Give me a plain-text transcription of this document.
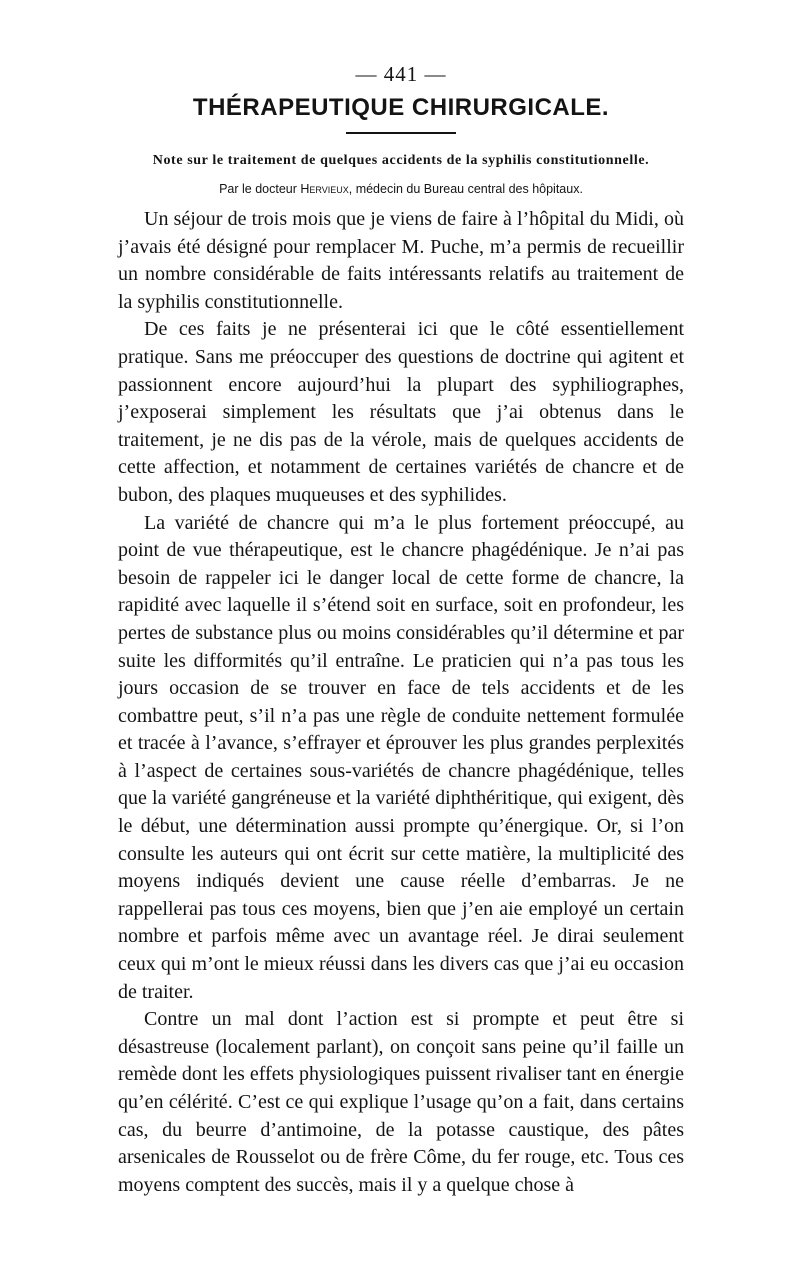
— 441 —
THÉRAPEUTIQUE CHIRURGICALE.
Note sur le traitement de quelques accidents de la syphilis constitutionnelle.
Par le docteur Hervieux, médecin du Bureau central des hôpitaux.

Un séjour de trois mois que je viens de faire à l’hôpital du Midi, où j’avais été désigné pour remplacer M. Puche, m’a permis de recueillir un nombre considérable de faits intéressants relatifs au traitement de la syphilis constitutionnelle.

De ces faits je ne présenterai ici que le côté essentiellement pratique. Sans me préoccuper des questions de doctrine qui agitent et passionnent encore aujourd’hui la plupart des syphiliographes, j’exposerai simplement les résultats que j’ai obtenus dans le traitement, je ne dis pas de la vérole, mais de quelques accidents de cette affection, et notamment de certaines variétés de chancre et de bubon, des plaques muqueuses et des syphilides.

La variété de chancre qui m’a le plus fortement préoccupé, au point de vue thérapeutique, est le chancre phagédénique. Je n’ai pas besoin de rappeler ici le danger local de cette forme de chancre, la rapidité avec laquelle il s’étend soit en surface, soit en profondeur, les pertes de substance plus ou moins considérables qu’il détermine et par suite les difformités qu’il entraîne. Le praticien qui n’a pas tous les jours occasion de se trouver en face de tels accidents et de les combattre peut, s’il n’a pas une règle de conduite nettement formulée et tracée à l’avance, s’effrayer et éprouver les plus grandes perplexités à l’aspect de certaines sous-variétés de chancre phagédénique, telles que la variété gangréneuse et la variété diphthéritique, qui exigent, dès le début, une détermination aussi prompte qu’énergique. Or, si l’on consulte les auteurs qui ont écrit sur cette matière, la multiplicité des moyens indiqués devient une cause réelle d’embarras. Je ne rappellerai pas tous ces moyens, bien que j’en aie employé un certain nombre et parfois même avec un avantage réel. Je dirai seulement ceux qui m’ont le mieux réussi dans les divers cas que j’ai eu occasion de traiter.

Contre un mal dont l’action est si prompte et peut être si désastreuse (localement parlant), on conçoit sans peine qu’il faille un remède dont les effets physiologiques puissent rivaliser tant en énergie qu’en célérité. C’est ce qui explique l’usage qu’on a fait, dans certains cas, du beurre d’antimoine, de la potasse caustique, des pâtes arsenicales de Rousselot ou de frère Côme, du fer rouge, etc. Tous ces moyens comptent des succès, mais il y a quelque chose à
